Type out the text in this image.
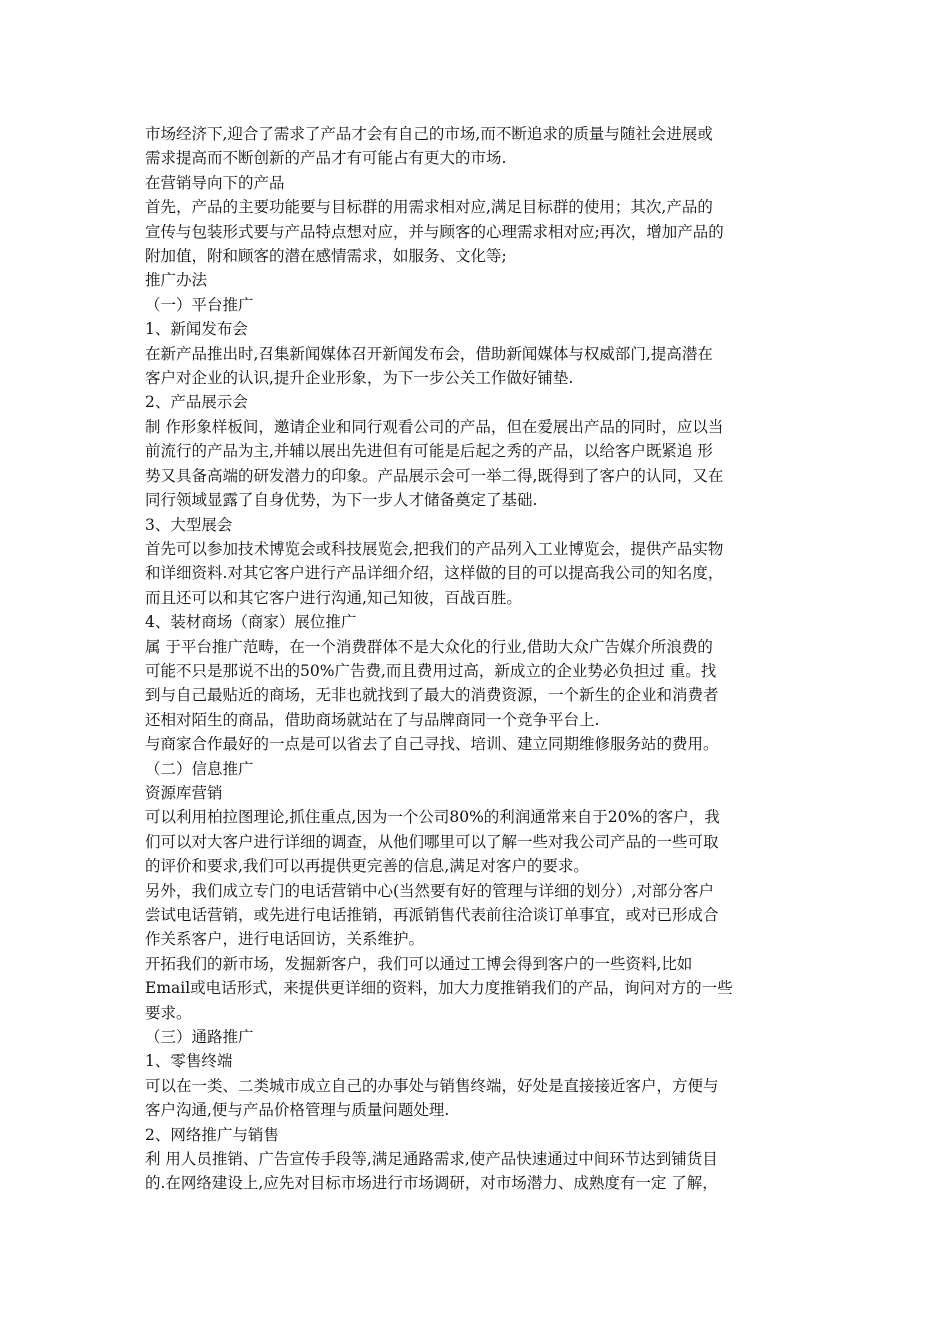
市场经济下,迎合了需求了产品才会有自己的市场,而不断追求的质量与随社会进展或
需求提高而不断创新的产品才有可能占有更大的市场.
在营销导向下的产品
首先，产品的主要功能要与目标群的用需求相对应,满足目标群的使用；其次,产品的
宣传与包装形式要与产品特点想对应，并与顾客的心理需求相对应;再次，增加产品的
附加值，附和顾客的潜在感情需求，如服务、文化等;
推广办法
（一）平台推广
1、新闻发布会
在新产品推出时,召集新闻媒体召开新闻发布会，借助新闻媒体与权威部门,提高潜在
客户对企业的认识,提升企业形象，为下一步公关工作做好铺垫.
2、产品展示会
制 作形象样板间，邀请企业和同行观看公司的产品，但在爱展出产品的同时，应以当
前流行的产品为主,并辅以展出先进但有可能是后起之秀的产品，以给客户既紧追 形
势又具备高端的研发潜力的印象。产品展示会可一举二得,既得到了客户的认同，又在
同行领域显露了自身优势，为下一步人才储备奠定了基础.
3、大型展会
首先可以参加技术博览会或科技展览会,把我们的产品列入工业博览会，提供产品实物
和详细资料.对其它客户进行产品详细介绍，这样做的目的可以提高我公司的知名度，
而且还可以和其它客户进行沟通,知己知彼，百战百胜。
4、装材商场（商家）展位推广
属 于平台推广范畴，在一个消费群体不是大众化的行业,借助大众广告媒介所浪费的
可能不只是那说不出的50%广告费,而且费用过高，新成立的企业势必负担过 重。找
到与自己最贴近的商场，无非也就找到了最大的消费资源，一个新生的企业和消费者
还相对陌生的商品，借助商场就站在了与品牌商同一个竞争平台上.
与商家合作最好的一点是可以省去了自己寻找、培训、建立同期维修服务站的费用。
（二）信息推广
资源库营销
可以利用柏拉图理论,抓住重点,因为一个公司80%的利润通常来自于20%的客户，我
们可以对大客户进行详细的调查，从他们哪里可以了解一些对我公司产品的一些可取
的评价和要求,我们可以再提供更完善的信息,满足对客户的要求。
另外，我们成立专门的电话营销中心(当然要有好的管理与详细的划分）,对部分客户
尝试电话营销，或先进行电话推销，再派销售代表前往洽谈订单事宜，或对已形成合
作关系客户，进行电话回访，关系维护。
开拓我们的新市场，发掘新客户，我们可以通过工博会得到客户的一些资料,比如
Email或电话形式，来提供更详细的资料，加大力度推销我们的产品，询问对方的一些
要求。
（三）通路推广
1、零售终端
可以在一类、二类城市成立自己的办事处与销售终端，好处是直接接近客户，方便与
客户沟通,便与产品价格管理与质量问题处理.
2、网络推广与销售
利 用人员推销、广告宣传手段等,满足通路需求,使产品快速通过中间环节达到铺货目
的.在网络建设上,应先对目标市场进行市场调研，对市场潜力、成熟度有一定 了解，
